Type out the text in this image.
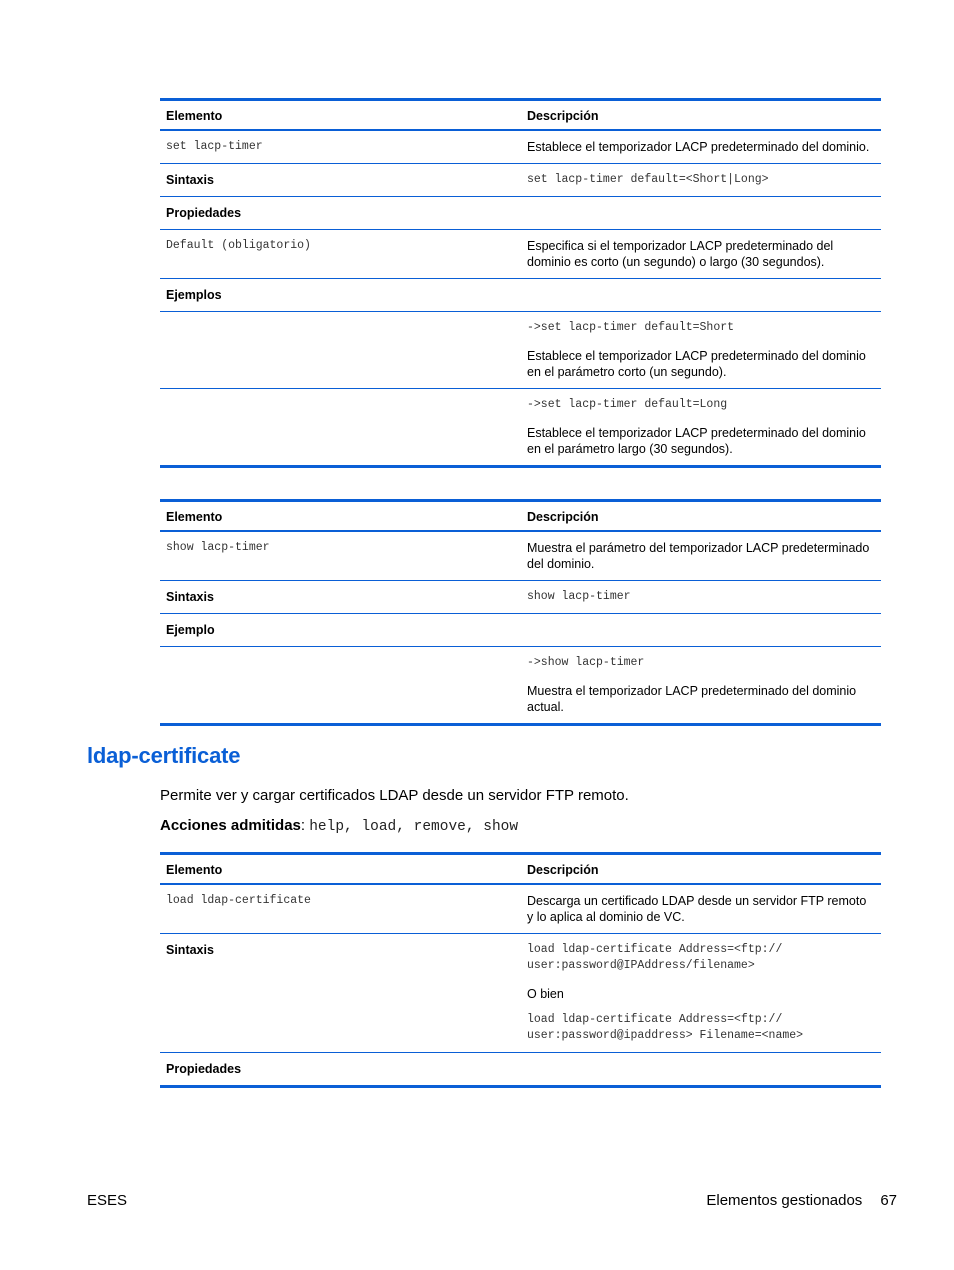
Elemento	Descripción
set lacp-timer	Establece el temporizador LACP predeterminado del dominio.
Sintaxis	set lacp-timer default=<Short|Long>
Propiedades	
Default (obligatorio)	Especifica si el temporizador LACP predeterminado del dominio es corto (un segundo) o largo (30 segundos).
Ejemplos	

	->set lacp-timer default=Short
Establece el temporizador LACP predeterminado del dominio en el parámetro corto (un segundo).

	->set lacp-timer default=Long
Establece el temporizador LACP predeterminado del dominio en el parámetro largo (30 segundos).
Elemento	Descripción
show lacp-timer	Muestra el parámetro del temporizador LACP predeterminado del dominio.
Sintaxis	show lacp-timer
Ejemplo	

	->show lacp-timer
Muestra el temporizador LACP predeterminado del dominio actual.
ldap-certificate

Permite ver y cargar certificados LDAP desde un servidor FTP remoto.

Acciones admitidas: help, load, remove, show

Elemento	Descripción
load ldap-certificate	Descarga un certificado LDAP desde un servidor FTP remoto y lo aplica al dominio de VC.
Sintaxis	load ldap-certificate Address=<ftp://
user:password@IPAddress/filename>
O bien
load ldap-certificate Address=<ftp://
user:password@ipaddress> Filename=<name>

Propiedades	
ESES	Elementos gestionados 67
